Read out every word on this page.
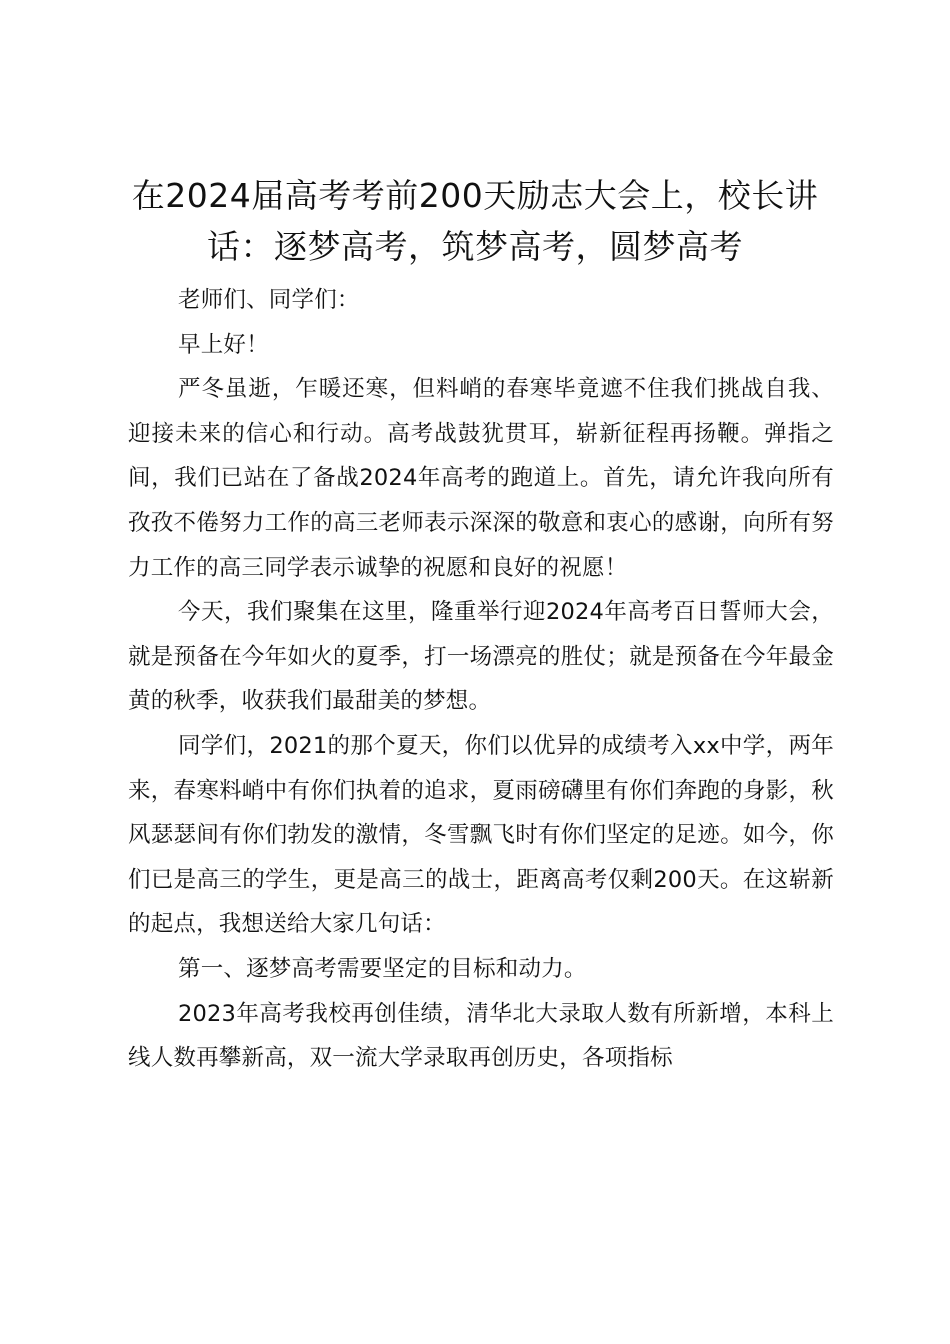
在2024届高考考前200天励志大会上，校长讲话：逐梦高考，筑梦高考，圆梦高考

老师们、同学们：

早上好！

严冬虽逝，乍暖还寒，但料峭的春寒毕竟遮不住我们挑战自我、迎接未来的信心和行动。高考战鼓犹贯耳，崭新征程再扬鞭。弹指之间，我们已站在了备战2024年高考的跑道上。首先，请允许我向所有孜孜不倦努力工作的高三老师表示深深的敬意和衷心的感谢，向所有努力工作的高三同学表示诚挚的祝愿和良好的祝愿！

今天，我们聚集在这里，隆重举行迎2024年高考百日誓师大会，就是预备在今年如火的夏季，打一场漂亮的胜仗；就是预备在今年最金黄的秋季，收获我们最甜美的梦想。

同学们，2021的那个夏天，你们以优异的成绩考入xx中学，两年来，春寒料峭中有你们执着的追求，夏雨磅礴里有你们奔跑的身影，秋风瑟瑟间有你们勃发的激情，冬雪飘飞时有你们坚定的足迹。如今，你们已是高三的学生，更是高三的战士，距离高考仅剩200天。在这崭新的起点，我想送给大家几句话：

第一、逐梦高考需要坚定的目标和动力。

2023年高考我校再创佳绩，清华北大录取人数有所新增，本科上线人数再攀新高，双一流大学录取再创历史，各项指标
